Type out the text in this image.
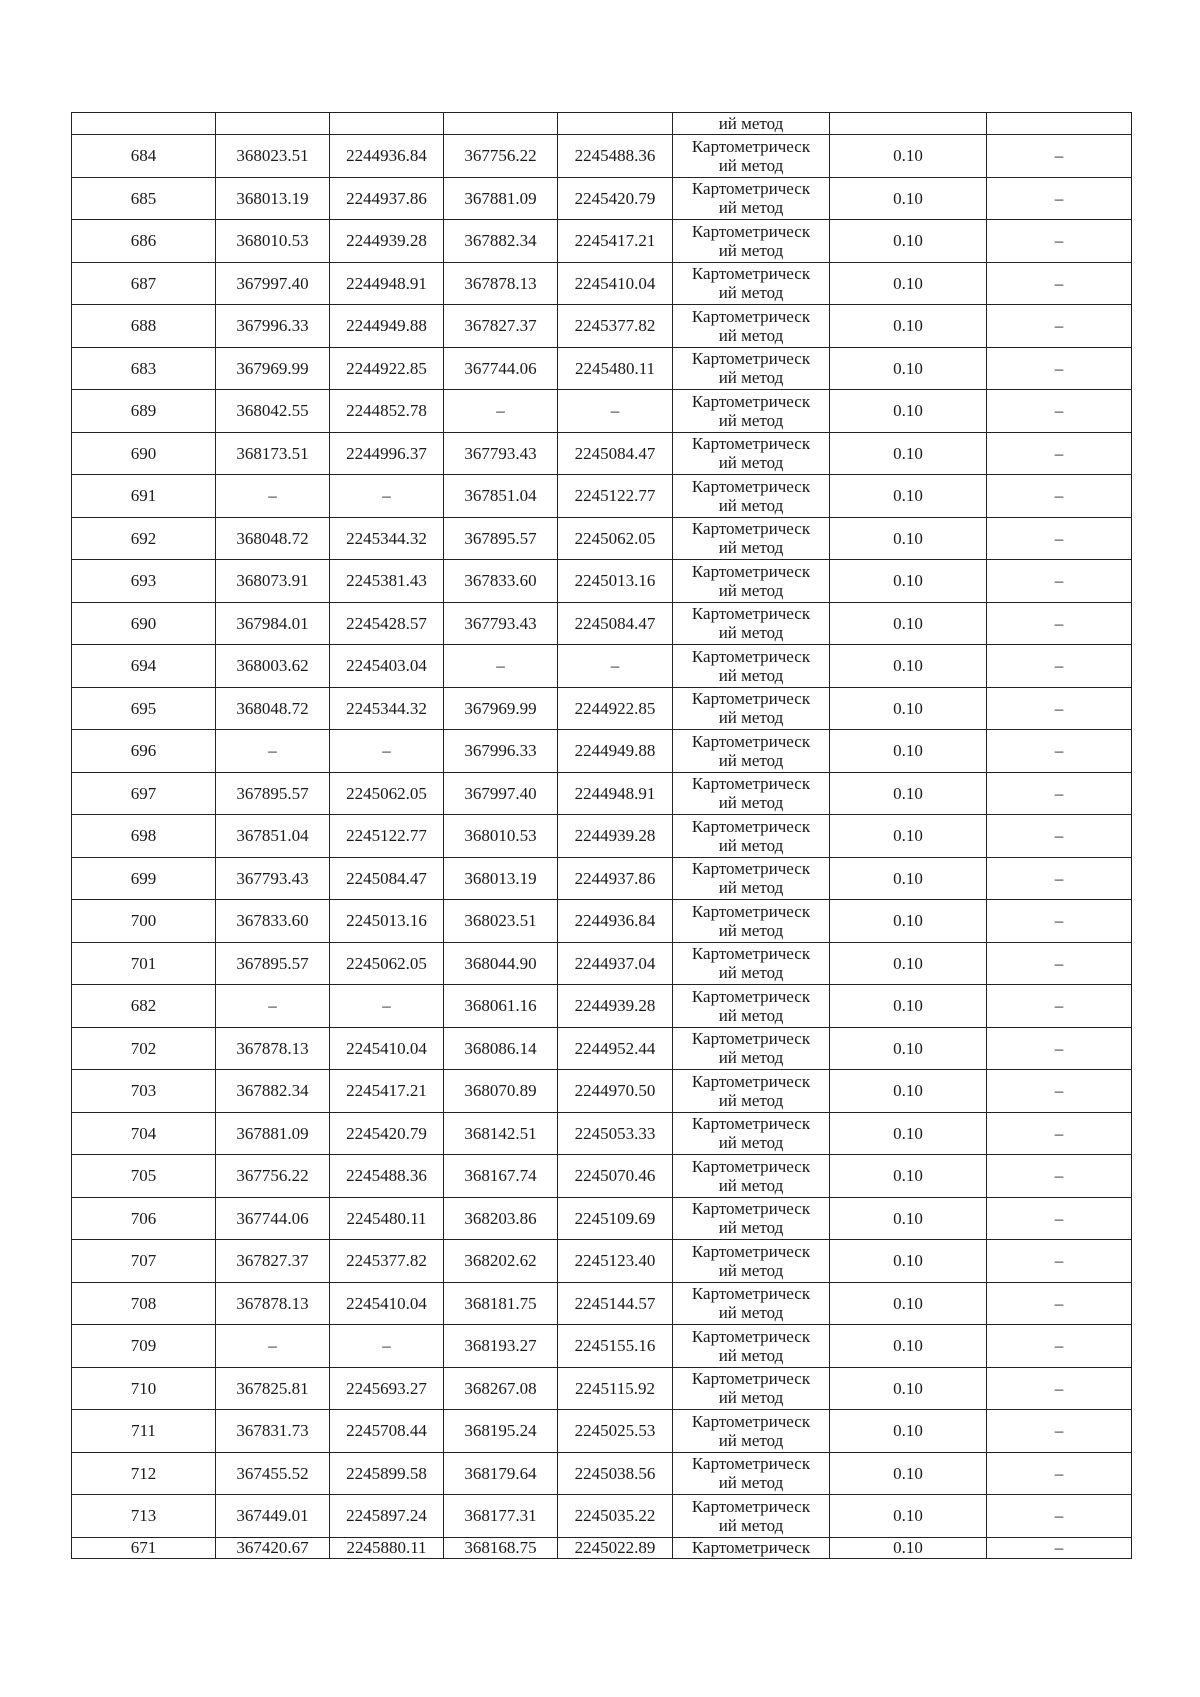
					ий метод		

684	368023.51	2244936.84	367756.22	2245488.36	Картометрическ
ий метод	0.10	–
685	368013.19	2244937.86	367881.09	2245420.79	Картометрическ
ий метод	0.10	–
686	368010.53	2244939.28	367882.34	2245417.21	Картометрическ
ий метод	0.10	–
687	367997.40	2244948.91	367878.13	2245410.04	Картометрическ
ий метод	0.10	–
688	367996.33	2244949.88	367827.37	2245377.82	Картометрическ
ий метод	0.10	–
683	367969.99	2244922.85	367744.06	2245480.11	Картометрическ
ий метод	0.10	–
689	368042.55	2244852.78	–	–	Картометрическ
ий метод	0.10	–
690	368173.51	2244996.37	367793.43	2245084.47	Картометрическ
ий метод	0.10	–
691	–	–	367851.04	2245122.77	Картометрическ
ий метод	0.10	–
692	368048.72	2245344.32	367895.57	2245062.05	Картометрическ
ий метод	0.10	–
693	368073.91	2245381.43	367833.60	2245013.16	Картометрическ
ий метод	0.10	–
690	367984.01	2245428.57	367793.43	2245084.47	Картометрическ
ий метод	0.10	–
694	368003.62	2245403.04	–	–	Картометрическ
ий метод	0.10	–
695	368048.72	2245344.32	367969.99	2244922.85	Картометрическ
ий метод	0.10	–
696	–	–	367996.33	2244949.88	Картометрическ
ий метод	0.10	–
697	367895.57	2245062.05	367997.40	2244948.91	Картометрическ
ий метод	0.10	–
698	367851.04	2245122.77	368010.53	2244939.28	Картометрическ
ий метод	0.10	–
699	367793.43	2245084.47	368013.19	2244937.86	Картометрическ
ий метод	0.10	–
700	367833.60	2245013.16	368023.51	2244936.84	Картометрическ
ий метод	0.10	–
701	367895.57	2245062.05	368044.90	2244937.04	Картометрическ
ий метод	0.10	–
682	–	–	368061.16	2244939.28	Картометрическ
ий метод	0.10	–
702	367878.13	2245410.04	368086.14	2244952.44	Картометрическ
ий метод	0.10	–
703	367882.34	2245417.21	368070.89	2244970.50	Картометрическ
ий метод	0.10	–
704	367881.09	2245420.79	368142.51	2245053.33	Картометрическ
ий метод	0.10	–
705	367756.22	2245488.36	368167.74	2245070.46	Картометрическ
ий метод	0.10	–
706	367744.06	2245480.11	368203.86	2245109.69	Картометрическ
ий метод	0.10	–
707	367827.37	2245377.82	368202.62	2245123.40	Картометрическ
ий метод	0.10	–
708	367878.13	2245410.04	368181.75	2245144.57	Картометрическ
ий метод	0.10	–
709	–	–	368193.27	2245155.16	Картометрическ
ий метод	0.10	–
710	367825.81	2245693.27	368267.08	2245115.92	Картометрическ
ий метод	0.10	–
711	367831.73	2245708.44	368195.24	2245025.53	Картометрическ
ий метод	0.10	–
712	367455.52	2245899.58	368179.64	2245038.56	Картометрическ
ий метод	0.10	–
713	367449.01	2245897.24	368177.31	2245035.22	Картометрическ
ий метод	0.10	–
671	367420.67	2245880.11	368168.75	2245022.89	Картометрическ	0.10	–
